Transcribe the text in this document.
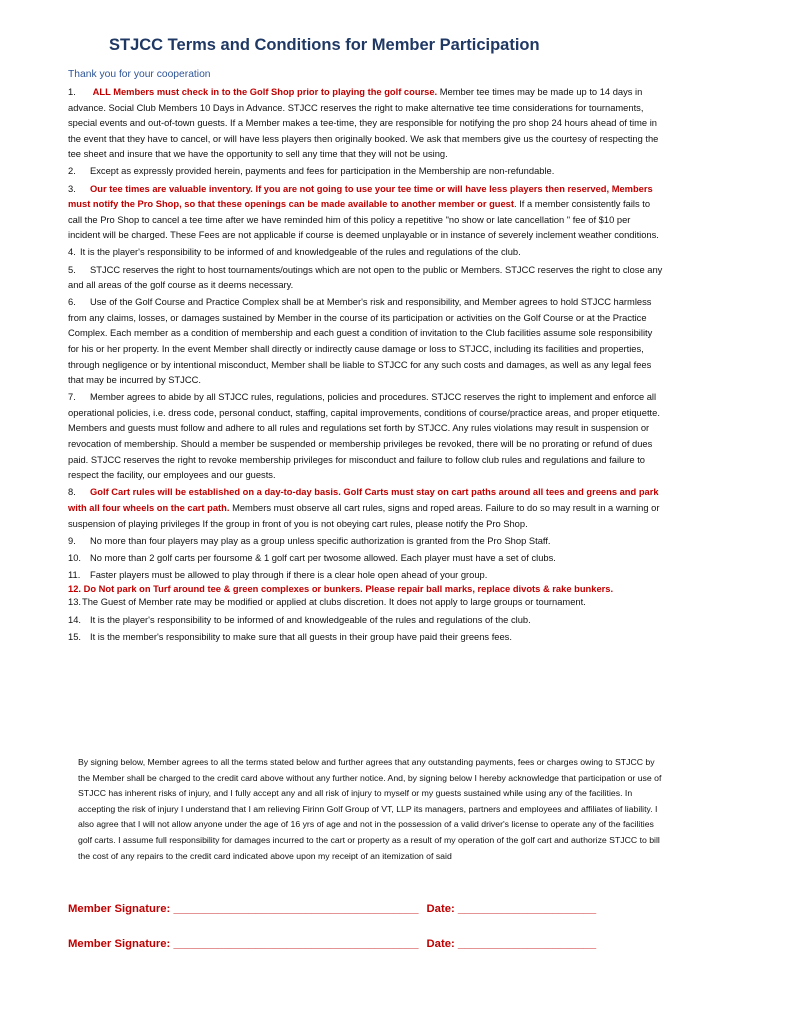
STJCC Terms and Conditions for Member Participation
Thank you for your cooperation

1. ALL Members must check in to the Golf Shop prior to playing the golf course. Member tee times may be made up to 14 days in advance. Social Club Members 10 Days in Advance. STJCC reserves the right to make alternative tee time considerations for tournaments, special events and out-of-town guests. If a Member makes a tee-time, they are responsible for notifying the pro shop 24 hours ahead of time in the event that they have to cancel, or will have less players then originally booked. We ask that members give us the courtesy of respecting the tee sheet and insure that we have the opportunity to sell any time that they will not be using.

2. Except as expressly provided herein, payments and fees for participation in the Membership are non-refundable.

3. Our tee times are valuable inventory. If you are not going to use your tee time or will have less players then reserved, Members must notify the Pro Shop, so that these openings can be made available to another member or guest. If a member consistently fails to call the Pro Shop to cancel a tee time after we have reminded him of this policy a repetitive "no show or late cancellation " fee of $10 per incident will be charged. These Fees are not applicable if course is deemed unplayable or in instance of severely inclement weather conditions.

4. It is the player's responsibility to be informed of and knowledgeable of the rules and regulations of the club.

5. STJCC reserves the right to host tournaments/outings which are not open to the public or Members. STJCC reserves the right to close any and all areas of the golf course as it deems necessary.

6. Use of the Golf Course and Practice Complex shall be at Member's risk and responsibility, and Member agrees to hold STJCC harmless from any claims, losses, or damages sustained by Member in the course of its participation or activities on the Golf Course or at the Practice Complex. Each member as a condition of membership and each guest a condition of invitation to the Club facilities assume sole responsibility for his or her property. In the event Member shall directly or indirectly cause damage or loss to STJCC, including its facilities and properties, through negligence or by intentional misconduct, Member shall be liable to STJCC for any such costs and damages, as well as any legal fees that may be incurred by STJCC.

7. Member agrees to abide by all STJCC rules, regulations, policies and procedures. STJCC reserves the right to implement and enforce all operational policies, i.e. dress code, personal conduct, staffing, capital improvements, conditions of course/practice areas, and proper etiquette. Members and guests must follow and adhere to all rules and regulations set forth by STJCC. Any rules violations may result in suspension or revocation of membership. Should a member be suspended or membership privileges be revoked, there will be no prorating or refund of dues paid. STJCC reserves the right to revoke membership privileges for misconduct and failure to follow club rules and regulations and failure to respect the facility, our employees and our guests.

8. Golf Cart rules will be established on a day-to-day basis. Golf Carts must stay on cart paths around all tees and greens and park with all four wheels on the cart path. Members must observe all cart rules, signs and roped areas. Failure to do so may result in a warning or suspension of playing privileges If the group in front of you is not obeying cart rules, please notify the Pro Shop.

9. No more than four players may play as a group unless specific authorization is granted from the Pro Shop Staff.

10. No more than 2 golf carts per foursome & 1 golf cart per twosome allowed. Each player must have a set of clubs.

11. Faster players must be allowed to play through if there is a clear hole open ahead of your group.

12. Do Not park on Turf around tee & green complexes or bunkers. Please repair ball marks, replace divots & rake bunkers.

13.The Guest of Member rate may be modified or applied at clubs discretion. It does not apply to large groups or tournament.

14. It is the player's responsibility to be informed of and knowledgeable of the rules and regulations of the club.

15. It is the member's responsibility to make sure that all guests in their group have paid their greens fees.

By signing below, Member agrees to all the terms stated below and further agrees that any outstanding payments, fees or charges owing to STJCC by the Member shall be charged to the credit card above without any further notice. And, by signing below I hereby acknowledge that participation or use of STJCC has inherent risks of injury, and I fully accept any and all risk of injury to myself or my guests sustained while using any of the facilities. In accepting the risk of injury I understand that I am relieving Firinn Golf Group of VT, LLP its managers, partners and employees and affiliates of liability. I also agree that I will not allow anyone under the age of 16 yrs of age and not in the possession of a valid driver's license to operate any of the facilities golf carts. I assume full responsibility for damages incurred to the cart or property as a result of my operation of the golf cart and authorize STJCC to bill the cost of any repairs to the credit card indicated above upon my receipt of an itemization of said
Member Signature: _______________________________________ Date: ______________________
Member Signature: _______________________________________ Date: ______________________
